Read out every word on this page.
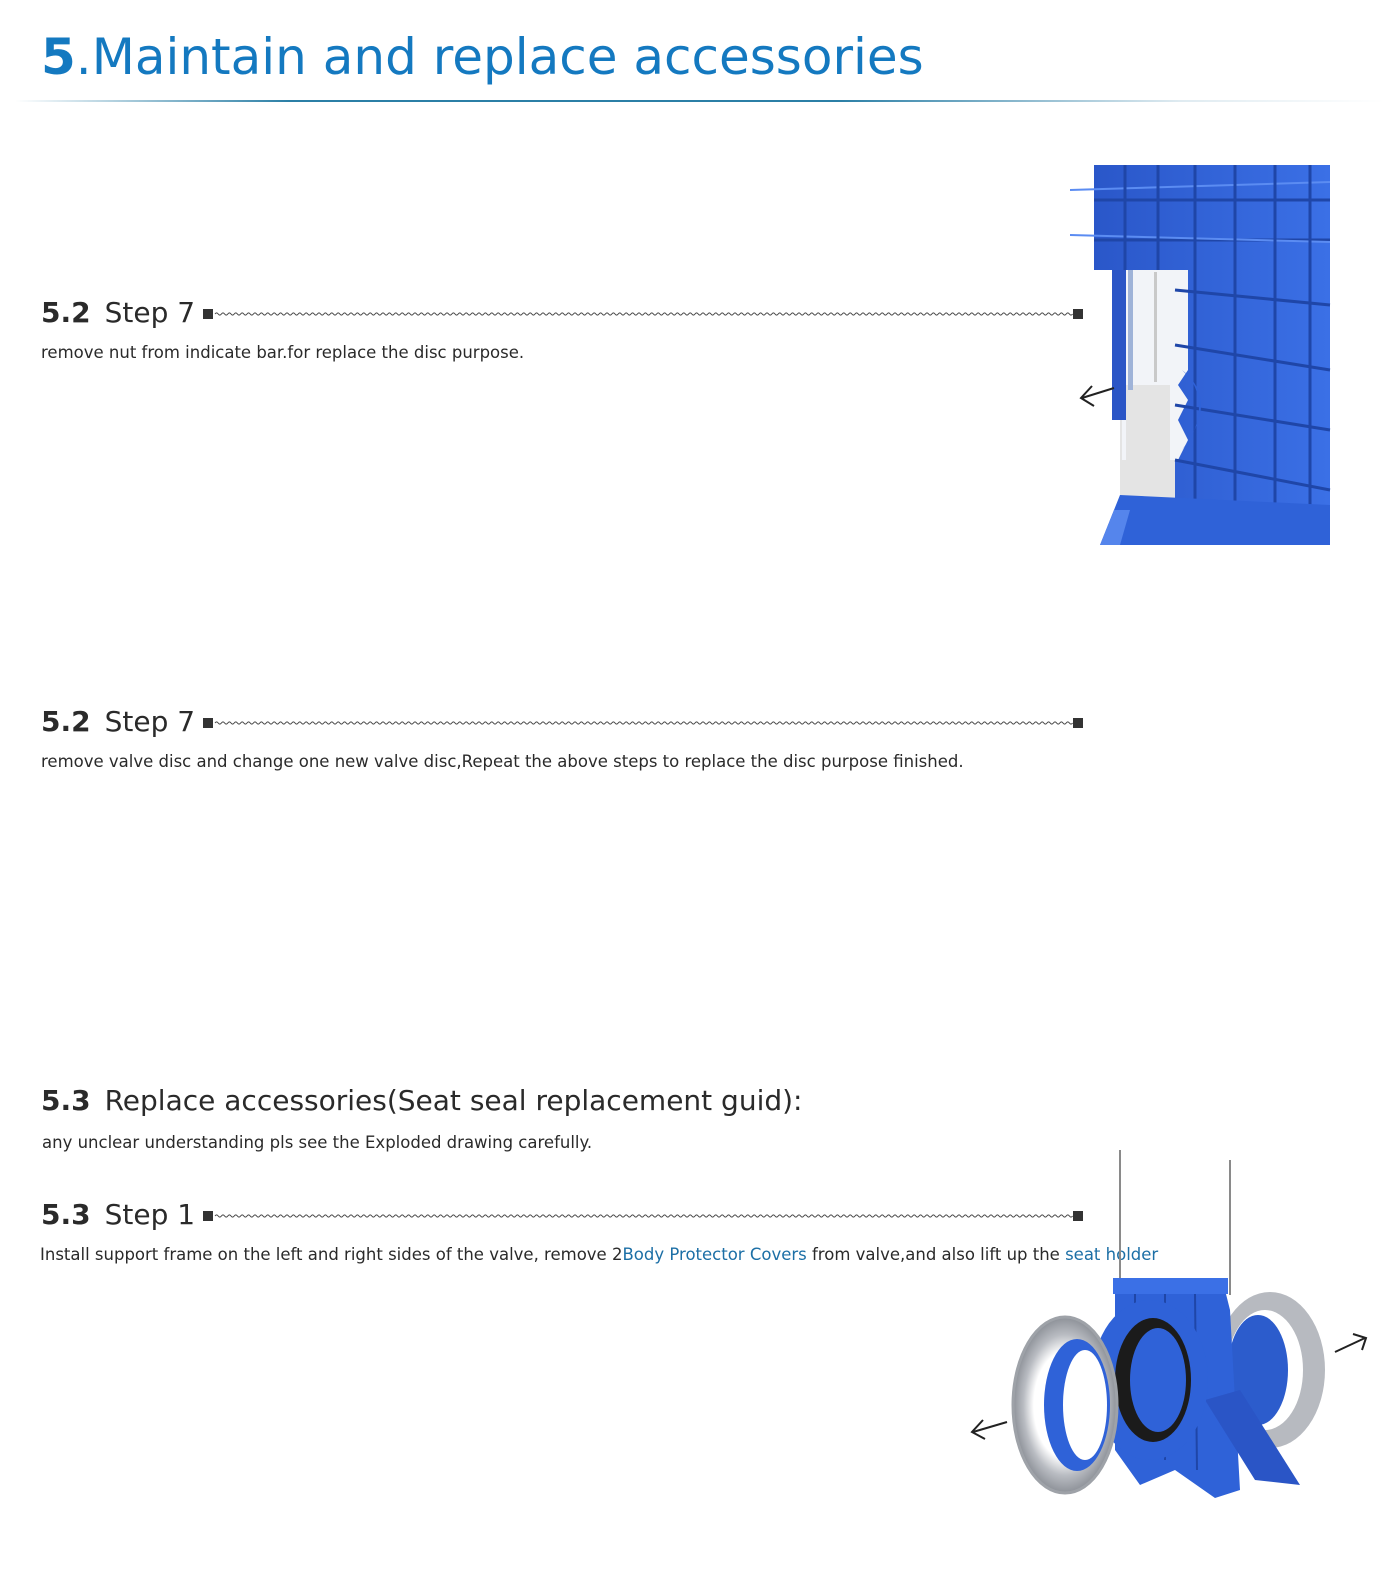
5.Maintain and replace accessories
5.2 Step 7

remove nut from indicate bar.for replace the disc purpose.

5.2 Step 7

remove valve disc and change one new valve disc,Repeat the above steps to replace the disc purpose finished.

5.3 Replace accessories(Seat seal replacement guid):

any unclear understanding pls see the Exploded drawing carefully.

5.3 Step 1

Install support frame on the left and right sides of the valve, remove 2Body Protector Covers from valve,and also lift up the seat holder
